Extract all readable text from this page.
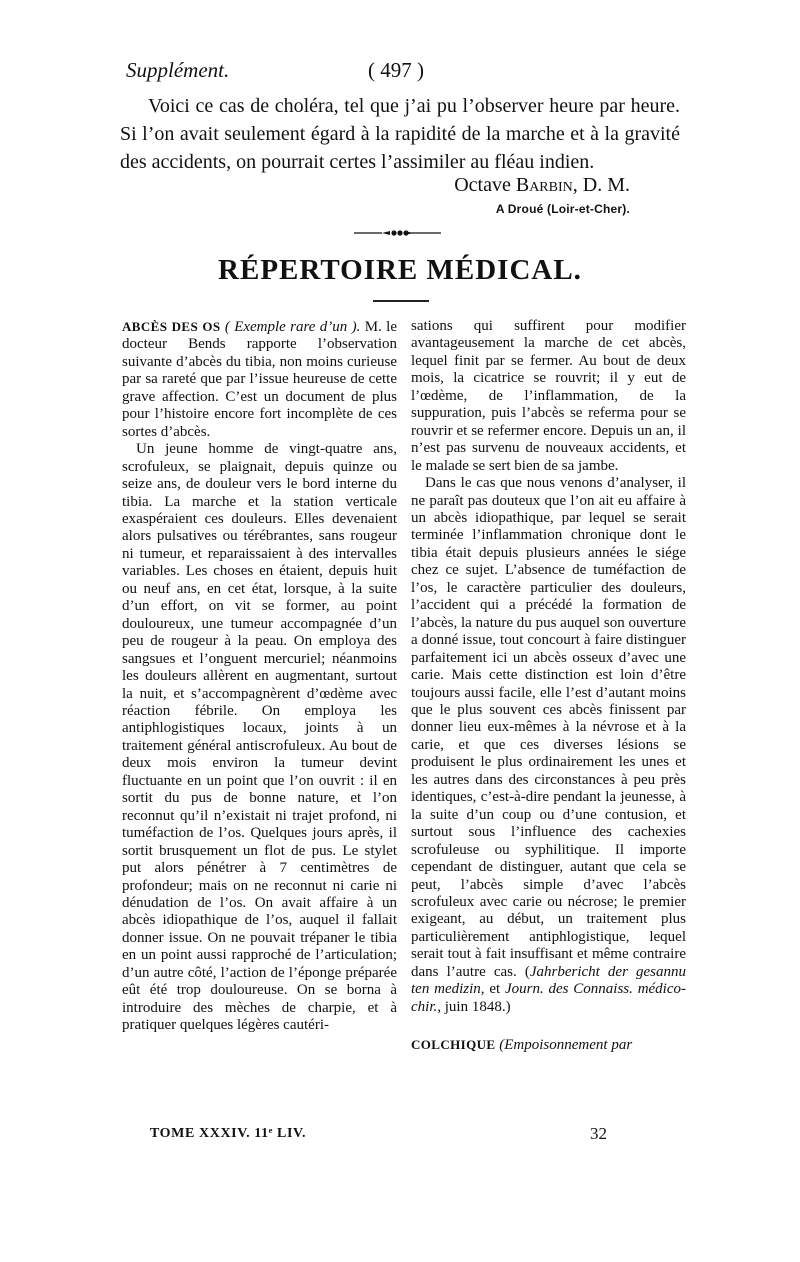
Supplément.	( 497 )

Voici ce cas de choléra, tel que j’ai pu l’observer heure par heure. Si l’on avait seulement égard à la rapidité de la marche et à la gravité des accidents, on pourrait certes l’assimiler au fléau indien.

Octave Barbin, D. M.
A Droué (Loir-et-Cher).
RÉPERTOIRE MÉDICAL.

ABCÈS DES OS ( Exemple rare d’un ). M. le docteur Bends rapporte l’observation suivante d’abcès du tibia, non moins curieuse par sa rareté que par l’issue heureuse de cette grave affection. C’est un document de plus pour l’histoire encore fort incomplète de ces sortes d’abcès.

Un jeune homme de vingt-quatre ans, scrofuleux, se plaignait, depuis quinze ou seize ans, de douleur vers le bord interne du tibia. La marche et la station verticale exaspéraient ces douleurs. Elles devenaient alors pulsatives ou térébrantes, sans rougeur ni tumeur, et reparaissaient à des intervalles variables. Les choses en étaient, depuis huit ou neuf ans, en cet état, lorsque, à la suite d’un effort, on vit se former, au point douloureux, une tumeur accompagnée d’un peu de rougeur à la peau. On employa des sangsues et l’onguent mercuriel; néanmoins les douleurs allèrent en augmentant, surtout la nuit, et s’accompagnèrent d’œdème avec réaction fébrile. On employa les antiphlogistiques locaux, joints à un traitement général antiscrofuleux. Au bout de deux mois environ la tumeur devint fluctuante en un point que l’on ouvrit : il en sortit du pus de bonne nature, et l’on reconnut qu’il n’existait ni trajet profond, ni tuméfaction de l’os. Quelques jours après, il sortit brusquement un flot de pus. Le stylet put alors pénétrer à 7 centimètres de profondeur; mais on ne reconnut ni carie ni dénudation de l’os. On avait affaire à un abcès idiopathique de l’os, auquel il fallait donner issue. On ne pouvait trépaner le tibia en un point aussi rapproché de l’articulation; d’un autre côté, l’action de l’éponge préparée eût été trop douloureuse. On se borna à introduire des mèches de charpie, et à pratiquer quelques légères cautéri-

sations qui suffirent pour modifier avantageusement la marche de cet abcès, lequel finit par se fermer. Au bout de deux mois, la cicatrice se rouvrit; il y eut de l’œdème, de l’inflammation, de la suppuration, puis l’abcès se referma pour se rouvrir et se refermer encore. Depuis un an, il n’est pas survenu de nouveaux accidents, et le malade se sert bien de sa jambe.

Dans le cas que nous venons d’analyser, il ne paraît pas douteux que l’on ait eu affaire à un abcès idiopathique, par lequel se serait terminée l’inflammation chronique dont le tibia était depuis plusieurs années le siége chez ce sujet. L’absence de tuméfaction de l’os, le caractère particulier des douleurs, l’accident qui a précédé la formation de l’abcès, la nature du pus auquel son ouverture a donné issue, tout concourt à faire distinguer parfaitement ici un abcès osseux d’avec une carie. Mais cette distinction est loin d’être toujours aussi facile, elle l’est d’autant moins que le plus souvent ces abcès finissent par donner lieu eux-mêmes à la névrose et à la carie, et que ces diverses lésions se produisent le plus ordinairement les unes et les autres dans des circonstances à peu près identiques, c’est-à-dire pendant la jeunesse, à la suite d’un coup ou d’une contusion, et surtout sous l’influence des cachexies scrofuleuse ou syphilitique. Il importe cependant de distinguer, autant que cela se peut, l’abcès simple d’avec l’abcès scrofuleux avec carie ou nécrose; le premier exigeant, au début, un traitement plus particulièrement antiphlogistique, lequel serait tout à fait insuffisant et même contraire dans l’autre cas. (Jahrbericht der gesannu ten medizin, et Journ. des Connaiss. médico-chir., juin 1848.)

COLCHIQUE (Empoisonnement par

TOME XXXIV. 11ᵉ LIV.	32
